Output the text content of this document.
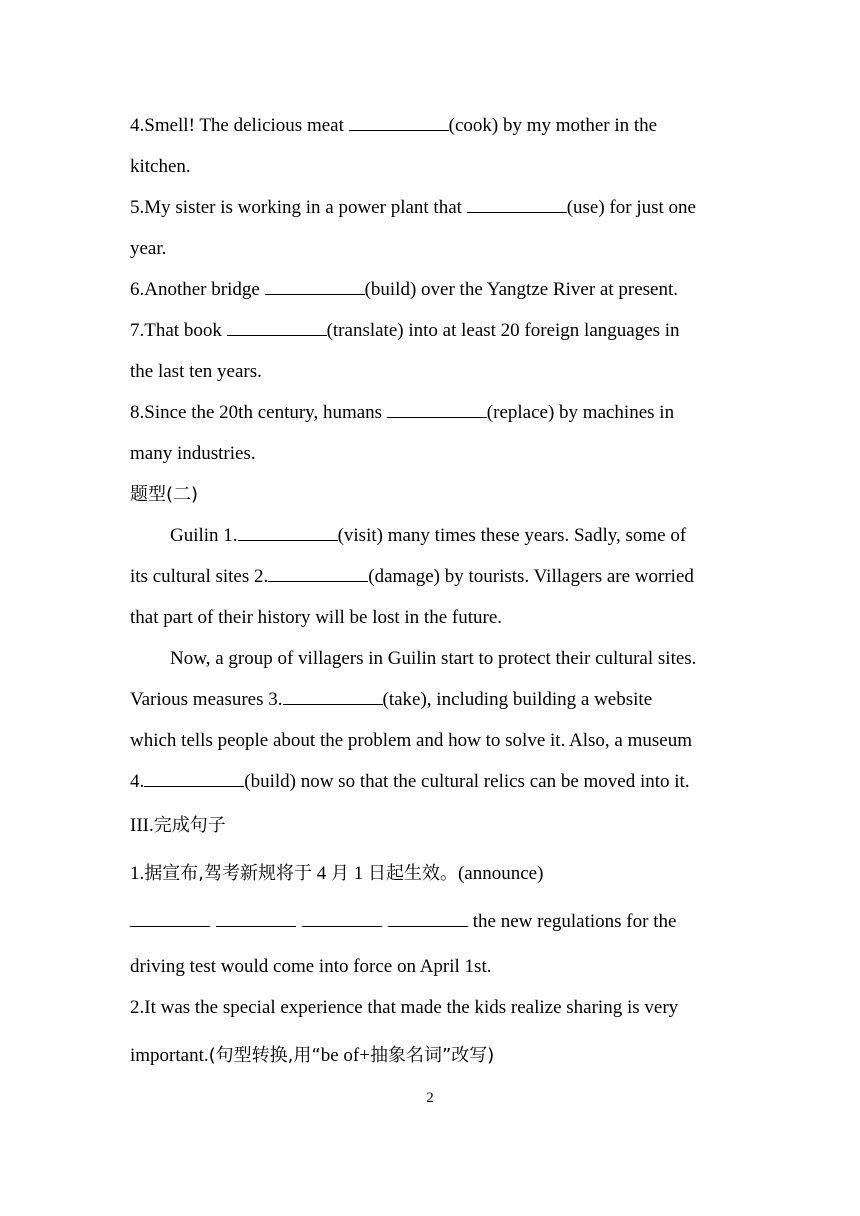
4.Smell! The delicious meat	(cook) by my mother in the
kitchen.
5.My sister is working in a power plant that	(use) for just one
year.
6.Another bridge	(build) over the Yangtze River at present.
7.That book	(translate) into at least 20 foreign languages in
the last ten years.
8.Since the 20th century, humans	(replace) by machines in
many industries.
题型(二)
Guilin 1.	(visit) many times these years. Sadly, some of
its cultural sites 2.	(damage) by tourists. Villagers are worried
that part of their history will be lost in the future.
Now, a group of villagers in Guilin start to protect their cultural sites.
Various measures 3.	(take), including building a website
which tells people about the problem and how to solve it. Also, a museum
4.	(build) now so that the cultural relics can be moved into it.
III.完成句子
1.据宣布,驾考新规将于 4 月 1 日起生效。(announce)
the new regulations for the
driving test would come into force on April 1st.
2.It was the special experience that made the kids realize sharing is very
important.(句型转换,用“be of+抽象名词”改写)
2
